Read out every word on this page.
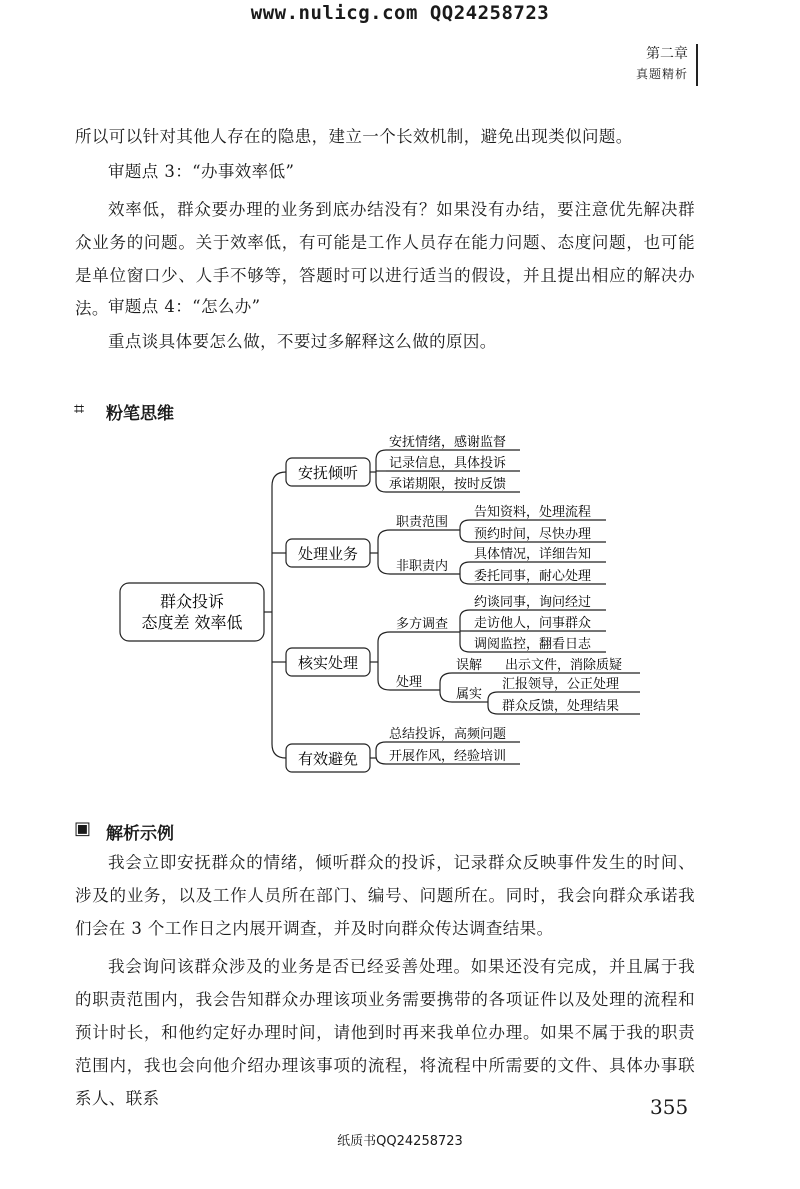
www.nulicg.com QQ24258723
第二章
真题精析
所以可以针对其他人存在的隐患，建立一个长效机制，避免出现类似问题。
审题点 3：“办事效率低”
效率低，群众要办理的业务到底办结没有？如果没有办结，要注意优先解决群众业务的问题。关于效率低，有可能是工作人员存在能力问题、态度问题，也可能是单位窗口少、人手不够等，答题时可以进行适当的假设，并且提出相应的解决办法。 审题点 4：“怎么办”
重点谈具体要怎么做，不要过多解释这么做的原因。
⌗ 粉笔思维
群众投诉
态度差 效率低
安抚倾听
处理业务
核实处理
有效避免
安抚情绪，感谢监督
记录信息，具体投诉
承诺期限，按时反馈
职责范围
非职责内
告知资料，处理流程
预约时间，尽快办理
具体情况，详细告知
委托同事，耐心处理
多方调查
处理
约谈同事，询问经过
走访他人，问事群众
调阅监控，翻看日志
误解 出示文件，消除质疑
属实
汇报领导，公正处理
群众反馈，处理结果
总结投诉，高频问题
开展作风，经验培训
▣ 解析示例
我会立即安抚群众的情绪，倾听群众的投诉，记录群众反映事件发生的时间、涉及的业务，以及工作人员所在部门、编号、问题所在。同时，我会向群众承诺我们会在 3 个工作日之内展开调查，并及时向群众传达调查结果。
我会询问该群众涉及的业务是否已经妥善处理。如果还没有完成，并且属于我的职责范围内，我会告知群众办理该项业务需要携带的各项证件以及处理的流程和预计时长，和他约定好办理时间，请他到时再来我单位办理。如果不属于我的职责范围内，我也会向他介绍办理该事项的流程，将流程中所需要的文件、具体办事联系人、联系	355
纸质书QQ24258723
